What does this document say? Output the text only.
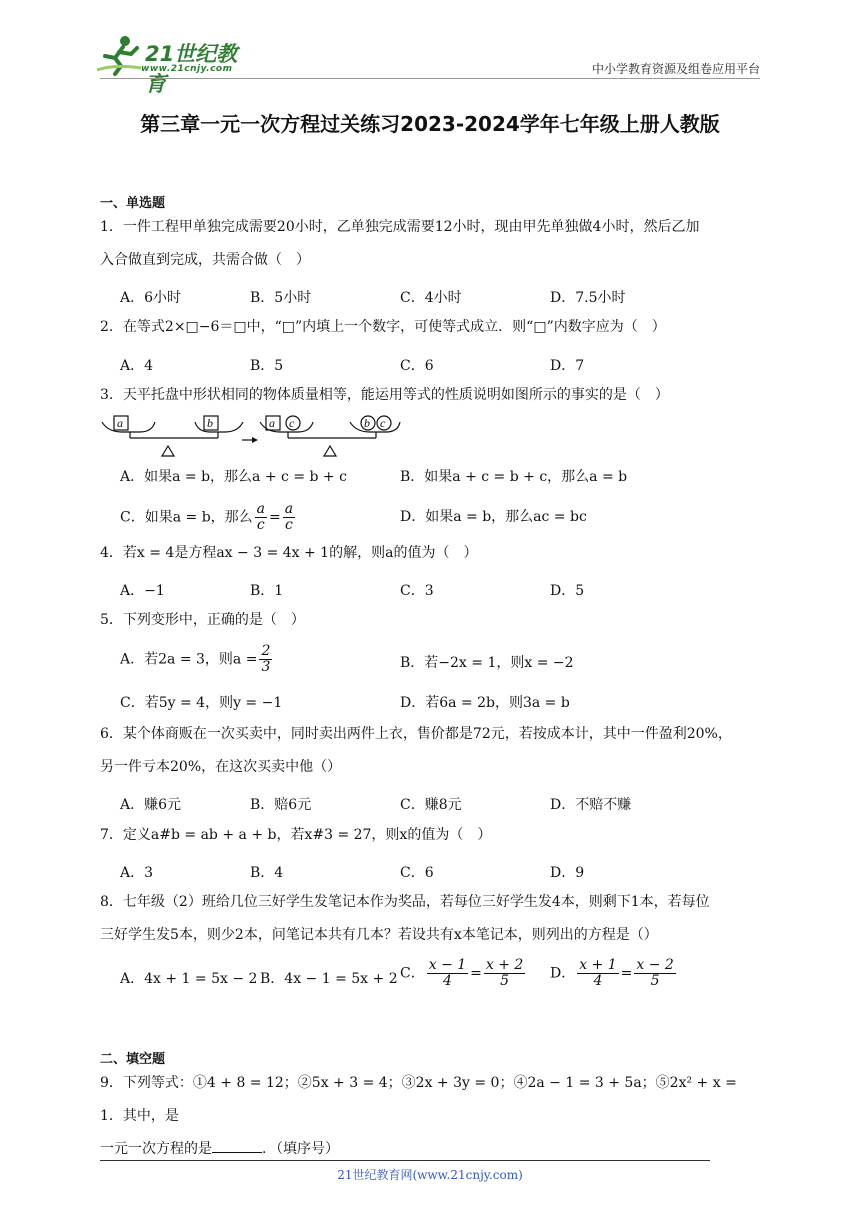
21世纪教育
www.21cnjy.com	中小学教育资源及组卷应用平台
第三章一元一次方程过关练习2023-2024学年七年级上册人教版
一、单选题
1．一件工程甲单独完成需要20小时，乙单独完成需要12小时，现由甲先单独做4小时，然后乙加
入合做直到完成，共需合做（　）
A．6小时	B．5小时	C．4小时	D．7.5小时
2．在等式2×□−6＝□中，“□”内填上一个数字，可使等式成立．则“□”内数字应为（　）
A．4	B．5	C．6	D．7
3．天平托盘中形状相同的物体质量相等，能运用等式的性质说明如图所示的事实的是（　）
a	b	a c	b c
A．如果a = b，那么a + c = b + c	B．如果a + c = b + c，那么a = b
C．如果a = b，那么 $\frac{a}{c} = \frac{a}{c}$	D．如果a = b，那么ac = bc
4．若x = 4是方程ax − 3 = 4x + 1的解，则a的值为（　）
A．−1	B．1	C．3	D．5
5．下列变形中，正确的是（　）
A．若2a = 3，则$a = \frac{2}{3}$	B．若−2x = 1，则x = −2
C．若5y = 4，则y = −1	D．若6a = 2b，则3a = b
6．某个体商贩在一次买卖中，同时卖出两件上衣，售价都是72元，若按成本计，其中一件盈利20%，
另一件亏本20%，在这次买卖中他（）
A．赚6元	B．赔6元	C．赚8元	D．不赔不赚
7．定义a#b = ab + a + b，若x#3 = 27，则x的值为（　）
A．3	B．4	C．6	D．9
8．七年级（2）班给几位三好学生发笔记本作为奖品，若每位三好学生发4本，则剩下1本，若每位
三好学生发5本，则少2本，问笔记本共有几本？若设共有x本笔记本，则列出的方程是（）
A．4x + 1 = 5x − 2 B．4x − 1 = 5x + 2 C． $\frac{x - 1}{4} = \frac{x + 2}{5}$ D． $\frac{x + 1}{4} = \frac{x - 2}{5}$
二、填空题
9．下列等式：①4 + 8 = 12；②5x + 3 = 4；③2x + 3y = 0；④2a − 1 = 3 + 5a；⑤2x² + x = 1．其中，是
一元一次方程的是	．（填序号）
21世纪教育网(www.21cnjy.com)
